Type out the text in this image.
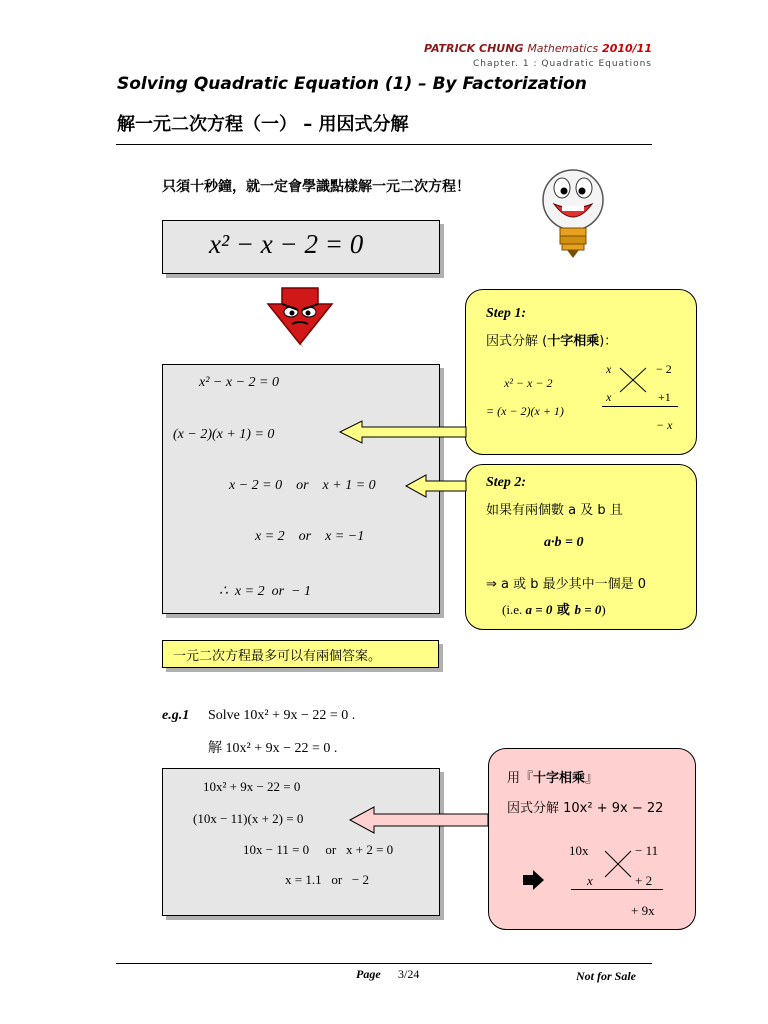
PATRICK CHUNG Mathematics 2010/11
Chapter. 1 : Quadratic Equations
Solving Quadratic Equation (1) – By Factorization
解一元二次方程（一） – 用因式分解
只須十秒鐘，就一定會學識點樣解一元二次方程！
x² − x − 2 = 0
x² − x − 2 = 0
(x − 2)(x + 1) = 0
x − 2 = 0    or    x + 1 = 0
x = 2    or    x = −1
∴  x = 2  or  − 1
Step 1:
因式分解 (十字相乘)：
x² − x − 2
= (x − 2)(x + 1)
x	− 2
x	+1
− x
Step 2:
如果有兩個數 a 及 b 且
a·b = 0
⇒ a 或 b 最少其中一個是 0
(i.e. a = 0 或 b = 0)
一元二次方程最多可以有兩個答案。
e.g.1 Solve 10x² + 9x − 22 = 0 .
解 10x² + 9x − 22 = 0 .
10x² + 9x − 22 = 0
(10x − 11)(x + 2) = 0
10x − 11 = 0     or   x + 2 = 0
x = 1.1   or   − 2
用『十字相乘』
因式分解 10x² + 9x − 22
10x	− 11
x	+ 2
+ 9x
Page 3/24	Not for Sale
